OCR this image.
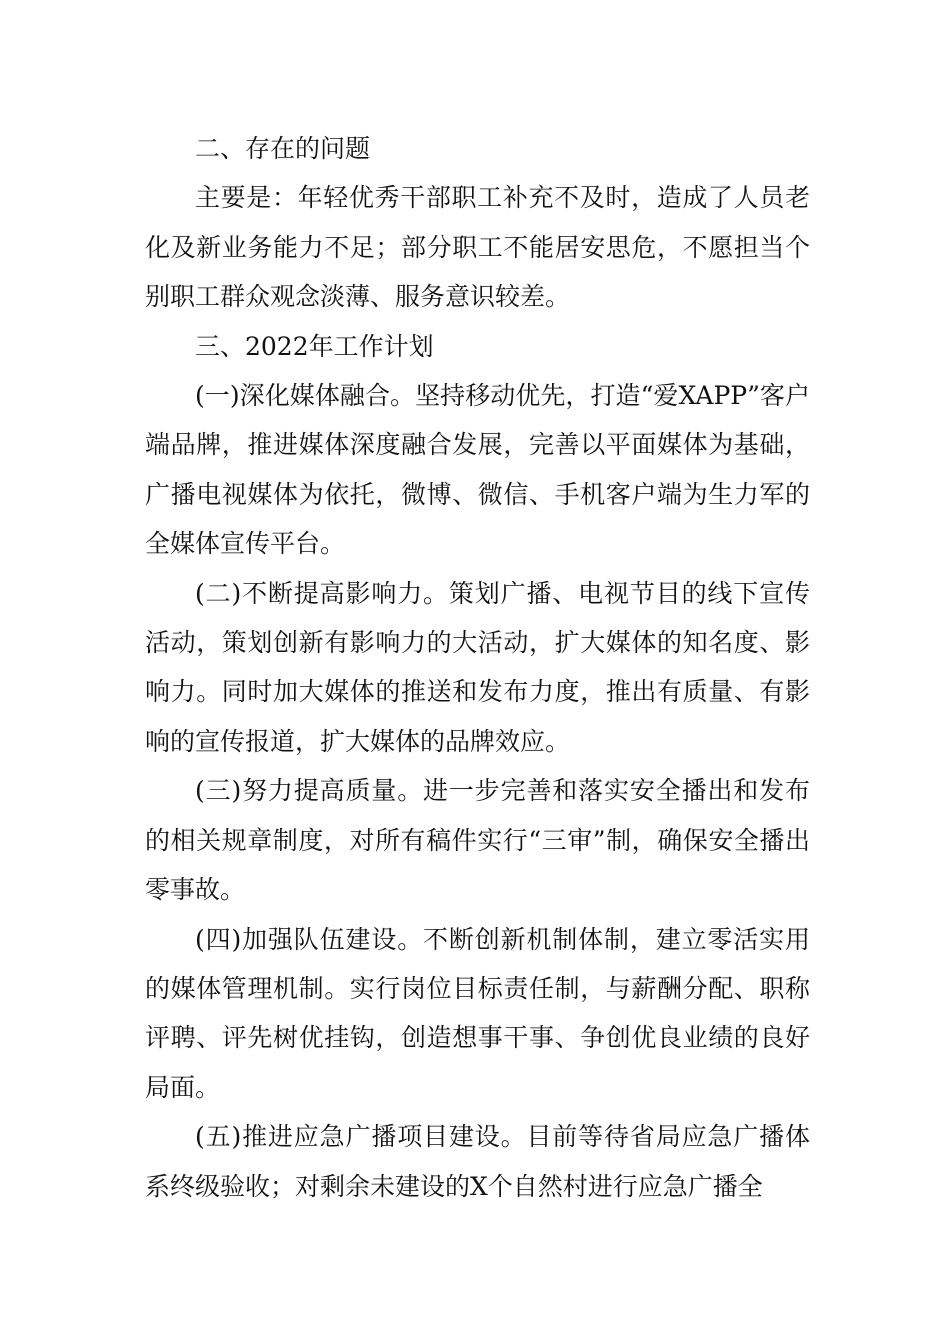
二、存在的问题

主要是：年轻优秀干部职工补充不及时，造成了人员老化及新业务能力不足；部分职工不能居安思危，不愿担当个别职工群众观念淡薄、服务意识较差。

三、2022年工作计划

(一)深化媒体融合。坚持移动优先，打造“爱XAPP”客户端品牌，推进媒体深度融合发展，完善以平面媒体为基础，广播电视媒体为依托，微博、微信、手机客户端为生力军的全媒体宣传平台。

(二)不断提高影响力。策划广播、电视节目的线下宣传活动，策划创新有影响力的大活动，扩大媒体的知名度、影响力。同时加大媒体的推送和发布力度，推出有质量、有影响的宣传报道，扩大媒体的品牌效应。

(三)努力提高质量。进一步完善和落实安全播出和发布的相关规章制度，对所有稿件实行“三审”制，确保安全播出零事故。

(四)加强队伍建设。不断创新机制体制，建立零活实用的媒体管理机制。实行岗位目标责任制，与薪酬分配、职称评聘、评先树优挂钩，创造想事干事、争创优良业绩的良好局面。

(五)推进应急广播项目建设。目前等待省局应急广播体系终级验收；对剩余未建设的X个自然村进行应急广播全
